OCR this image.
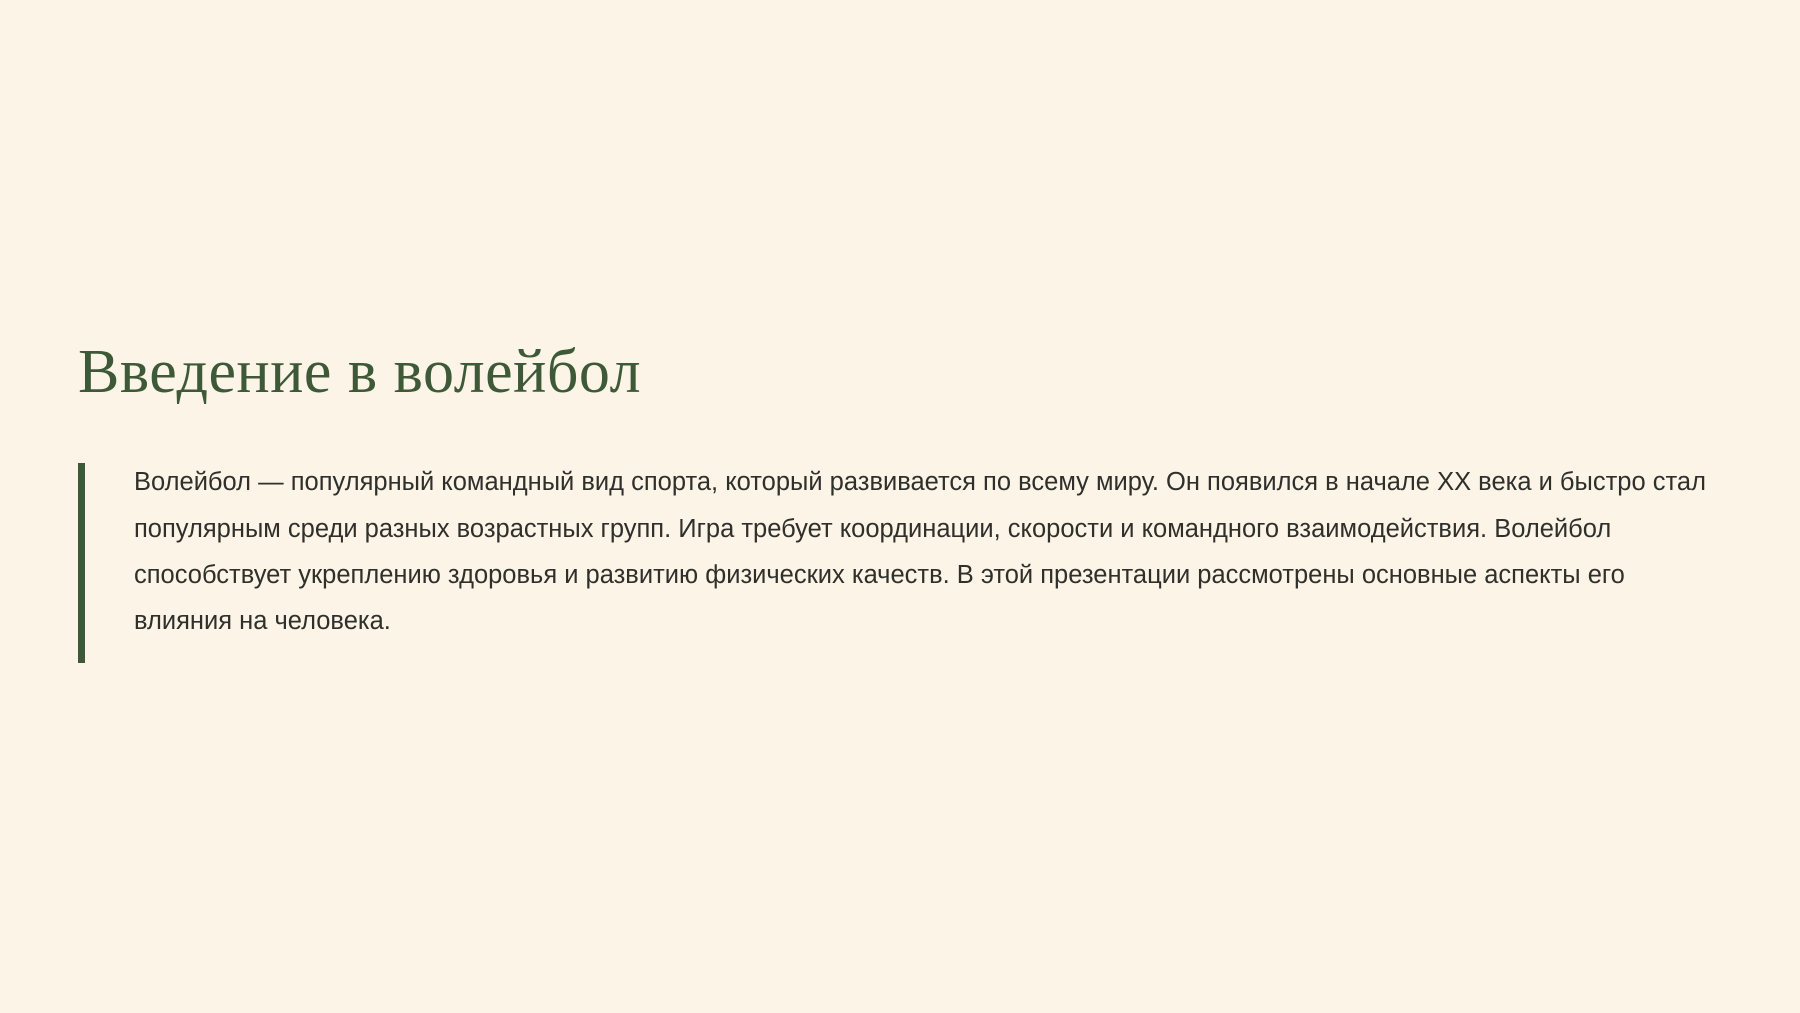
Введение в волейбол

Волейбол — популярный командный вид спорта, который развивается по всему миру. Он появился в начале XX века и быстро стал популярным среди разных возрастных групп. Игра требует координации, скорости и командного взаимодействия. Волейбол способствует укреплению здоровья и развитию физических качеств. В этой презентации рассмотрены основные аспекты его влияния на человека.
